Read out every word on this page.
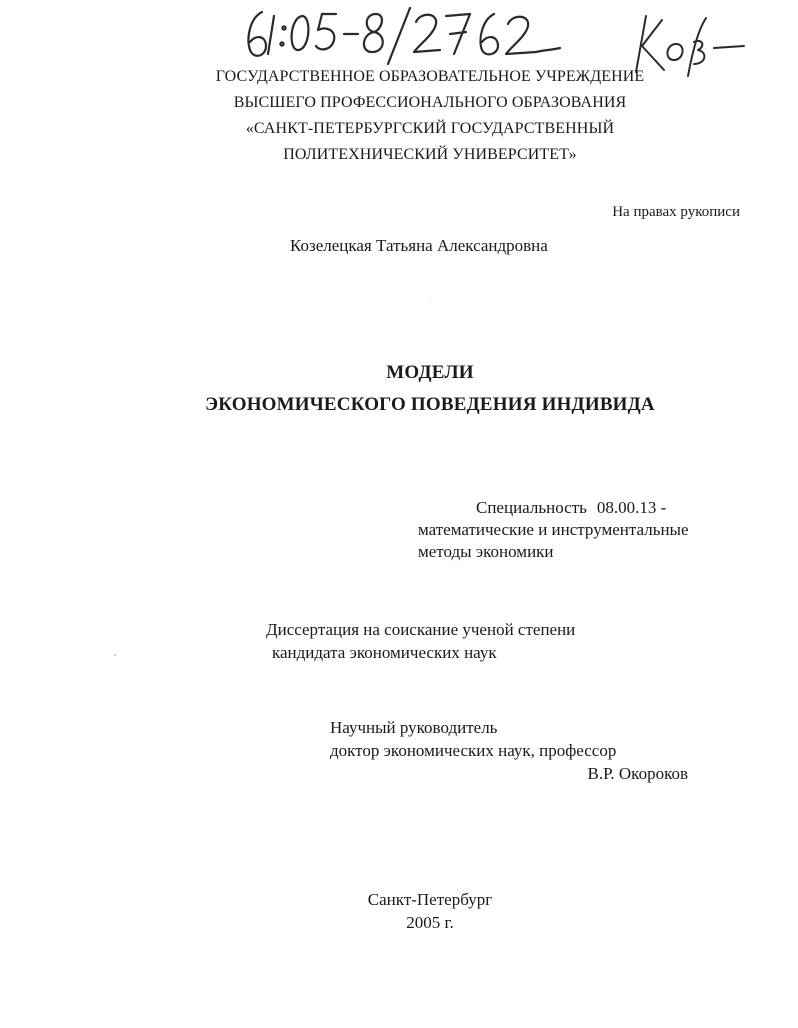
ГОСУДАРСТВЕННОЕ ОБРАЗОВАТЕЛЬНОЕ УЧРЕЖДЕНИЕ
ВЫСШЕГО ПРОФЕССИОНАЛЬНОГО ОБРАЗОВАНИЯ
«САНКТ-ПЕТЕРБУРГСКИЙ ГОСУДАРСТВЕННЫЙ
ПОЛИТЕХНИЧЕСКИЙ УНИВЕРСИТЕТ»
На правах рукописи
Козелецкая Татьяна Александровна
МОДЕЛИ
ЭКОНОМИЧЕСКОГО ПОВЕДЕНИЯ ИНДИВИДА
Специальность 08.00.13 -
математические и инструментальные
методы экономики
Диссертация на соискание ученой степени
кандидата экономических наук
Научный руководитель
доктор экономических наук, профессор
В.Р. Окороков
Санкт-Петербург
2005 г.
